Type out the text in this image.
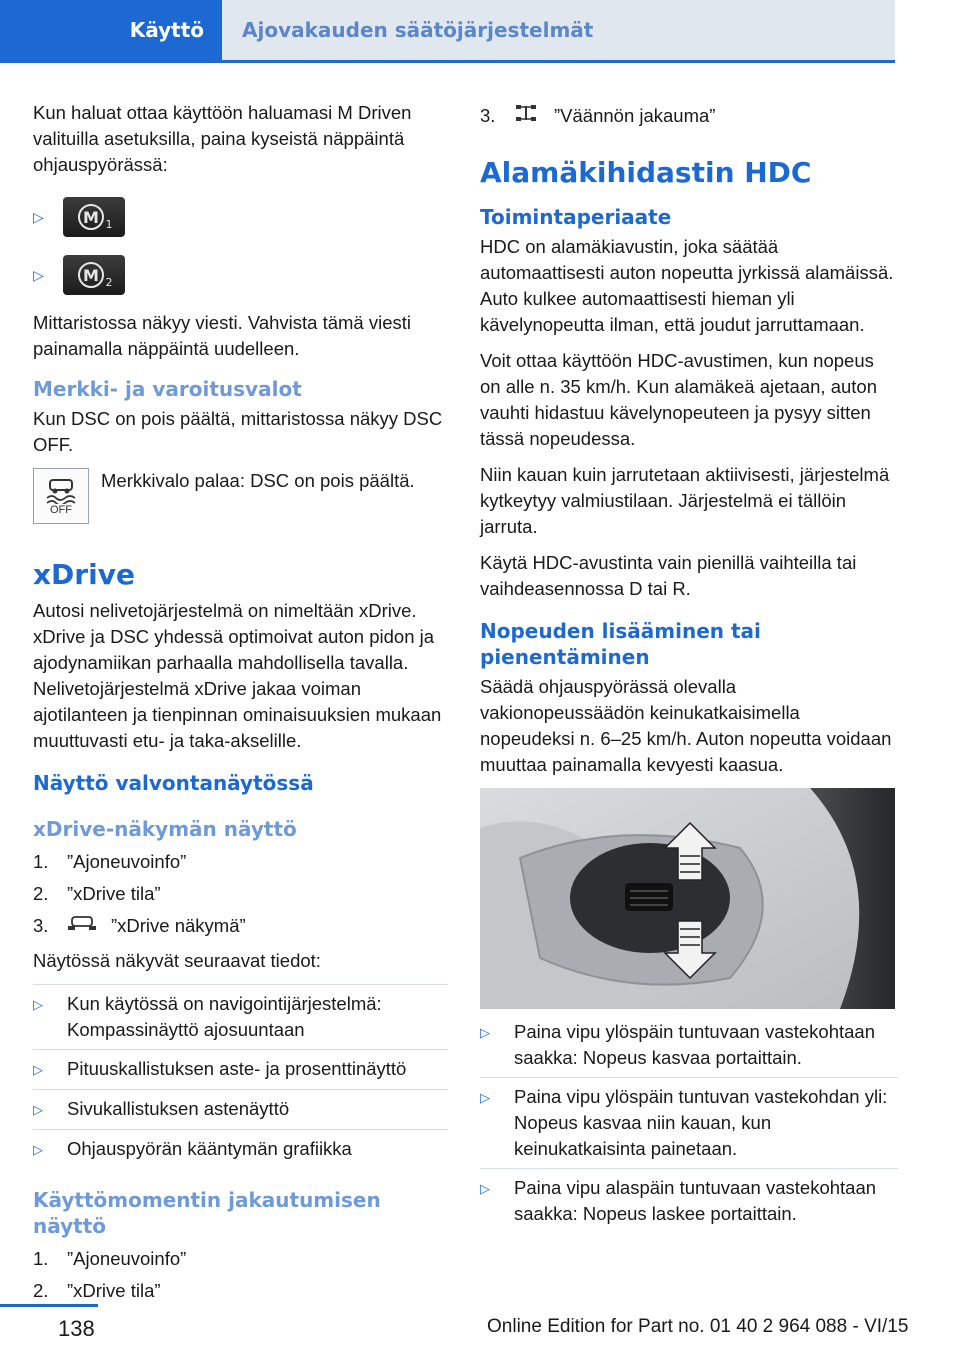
Käyttö	Ajovakauden säätöjärjestelmät

Kun haluat ottaa käyttöön haluamasi M Driven valituilla asetuksilla, paina kyseistä näppäintä ohjauspyörässä:

▷	M 1
▷	M 2

Mittaristossa näkyy viesti. Vahvista tämä viesti painamalla näppäintä uudelleen.

Merkki- ja varoitusvalot

Kun DSC on pois päältä, mittaristossa näkyy DSC OFF.

OFF
Merkkivalo palaa: DSC on pois päältä.
xDrive

Autosi nelivetojärjestelmä on nimeltään xDrive. xDrive ja DSC yhdessä optimoivat auton pidon ja ajodynamiikan parhaalla mahdollisella tavalla. Nelivetojärjestelmä xDrive jakaa voiman ajotilanteen ja tienpinnan ominaisuuksien mukaan muuttuvasti etu- ja taka-akselille.

Näyttö valvontanäytössä
xDrive-näkymän näyttö
1.	”Ajoneuvoinfo”
2.	”xDrive tila”
3.	”xDrive näkymä”

Näytössä näkyvät seuraavat tiedot:

▷	Kun käytössä on navigointijärjestelmä: Kompassinäyttö ajosuuntaan
▷	Pituuskallistuksen aste- ja prosenttinäyttö
▷	Sivukallistuksen astenäyttö
▷	Ohjauspyörän kääntymän grafiikka
Käyttömomentin jakautumisen näyttö
1.	”Ajoneuvoinfo”
2.	”xDrive tila”
3.	”Väännön jakauma”
Alamäkihidastin HDC
Toimintaperiaate

HDC on alamäkiavustin, joka säätää automaattisesti auton nopeutta jyrkissä alamäissä. Auto kulkee automaattisesti hieman yli kävelynopeutta ilman, että joudut jarruttamaan.

Voit ottaa käyttöön HDC-avustimen, kun nopeus on alle n. 35 km/h. Kun alamäkeä ajetaan, auton vauhti hidastuu kävelynopeuteen ja pysyy sitten tässä nopeudessa.

Niin kauan kuin jarrutetaan aktiivisesti, järjestelmä kytkeytyy valmiustilaan. Järjestelmä ei tällöin jarruta.

Käytä HDC-avustinta vain pienillä vaihteilla tai vaihdeasennossa D tai R.

Nopeuden lisääminen tai pienentäminen

Säädä ohjauspyörässä olevalla vakionopeussäädön keinukatkaisimella nopeudeksi n. 6–25 km/h. Auton nopeutta voidaan muuttaa painamalla kevyesti kaasua.

▷	Paina vipu ylöspäin tuntuvaan vastekohtaan saakka: Nopeus kasvaa portaittain.
▷	Paina vipu ylöspäin tuntuvan vastekohdan yli: Nopeus kasvaa niin kauan, kun keinukatkaisinta painetaan.
▷	Paina vipu alaspäin tuntuvaan vastekohtaan saakka: Nopeus laskee portaittain.
138	Online Edition for Part no. 01 40 2 964 088 - VI/15
